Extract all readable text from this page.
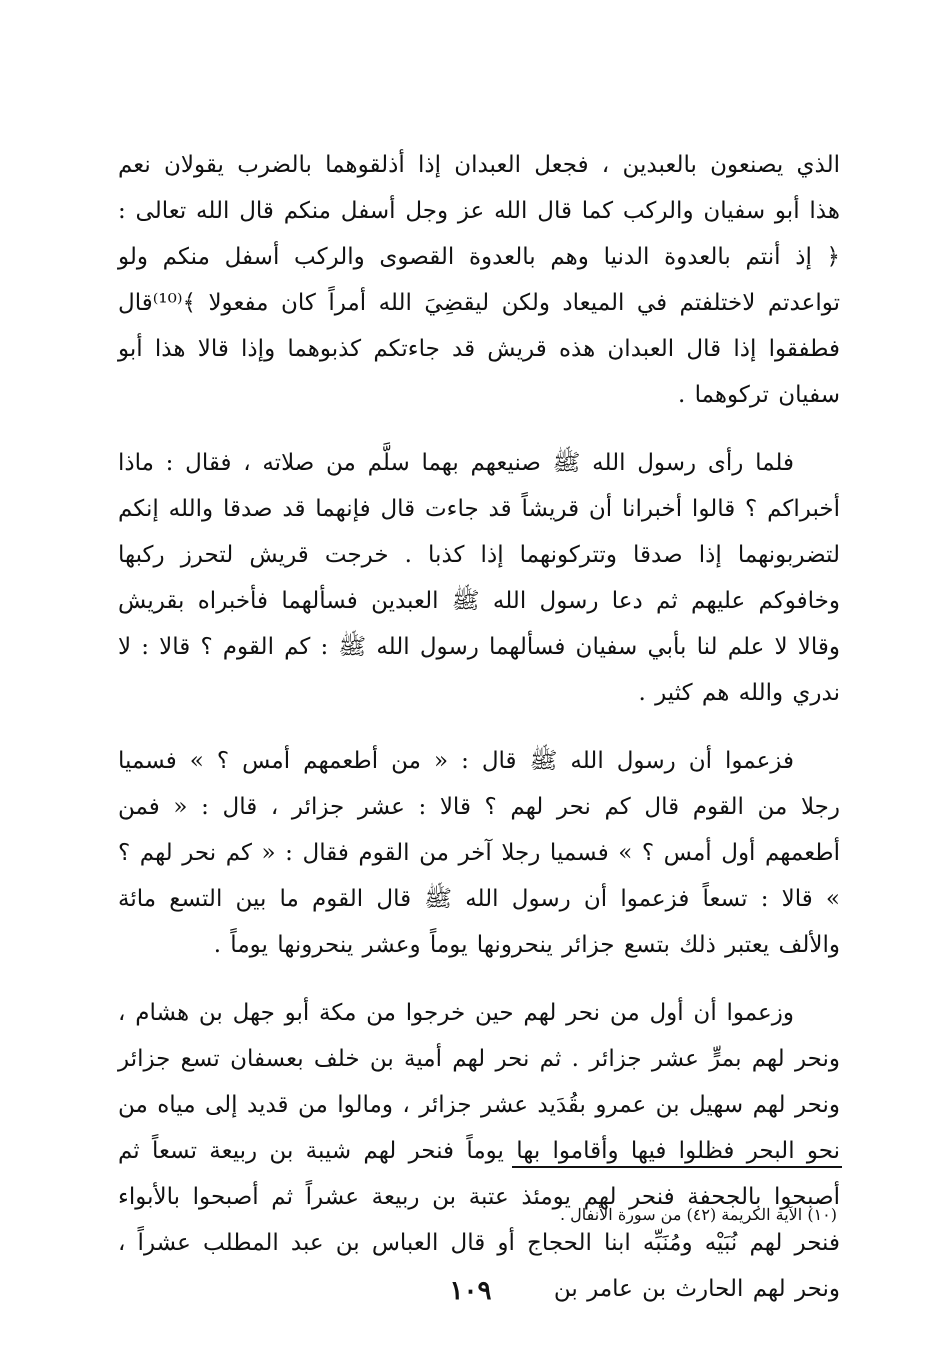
الذي يصنعون بالعبدين ، فجعل العبدان إذا أذلقوهما بالضرب يقولان نعم هذا أبو سفيان والركب كما قال الله عز وجل أسفل منكم قال الله تعالى : ﴿ إذ أنتم بالعدوة الدنيا وهم بالعدوة القصوى والركب أسفل منكم ولو تواعدتم لاختلفتم في الميعاد ولكن ليقضِيَ الله أمراً كان مفعولا ﴾⁽¹⁰⁾قال فطفقوا إذا قال العبدان هذه قريش قد جاءتكم كذبوهما وإذا قالا هذا أبو سفيان تركوهما .

فلما رأى رسول الله ﷺ صنيعهم بهما سلَّم من صلاته ، فقال : ماذا أخبراكم ؟ قالوا أخبرانا أن قريشاً قد جاءت قال فإنهما قد صدقا والله إنكم لتضربونهما إذا صدقا وتتركونهما إذا كذبا . خرجت قريش لتحرز ركبها وخافوكم عليهم ثم دعا رسول الله ﷺ العبدين فسألهما فأخبراه بقريش وقالا لا علم لنا بأبي سفيان فسألهما رسول الله ﷺ : كم القوم ؟ قالا : لا ندري والله هم كثير .

فزعموا أن رسول الله ﷺ قال : « من أطعمهم أمس ؟ » فسميا رجلا من القوم قال كم نحر لهم ؟ قالا : عشر جزائر ، قال : « فمن أطعمهم أول أمس ؟ » فسميا رجلا آخر من القوم فقال : « كم نحر لهم ؟ » قالا : تسعاً فزعموا أن رسول الله ﷺ قال القوم ما بين التسع مائة والألف يعتبر ذلك بتسع جزائر ينحرونها يوماً وعشر ينحرونها يوماً .

وزعموا أن أول من نحر لهم حين خرجوا من مكة أبو جهل بن هشام ، ونحر لهم بمرٍّ عشر جزائر . ثم نحر لهم أمية بن خلف بعسفان تسع جزائر ونحر لهم سهيل بن عمرو بقُدَيد عشر جزائر ، ومالوا من قديد إلى مياه من نحو البحر فظلوا فيها وأقاموا بها يوماً فنحر لهم شيبة بن ربيعة تسعاً ثم أصبحوا بالجحفة فنحر لهم يومئذ عتبة بن ربيعة عشراً ثم أصبحوا بالأبواء فنحر لهم نُبَيْه ومُنَبِّه ابنا الحجاج أو قال العباس بن عبد المطلب عشراً ، ونحر لهم الحارث بن عامر بن

(١٠) الآية الكريمة (٤٢) من سورة الأنفال .
١٠٩
